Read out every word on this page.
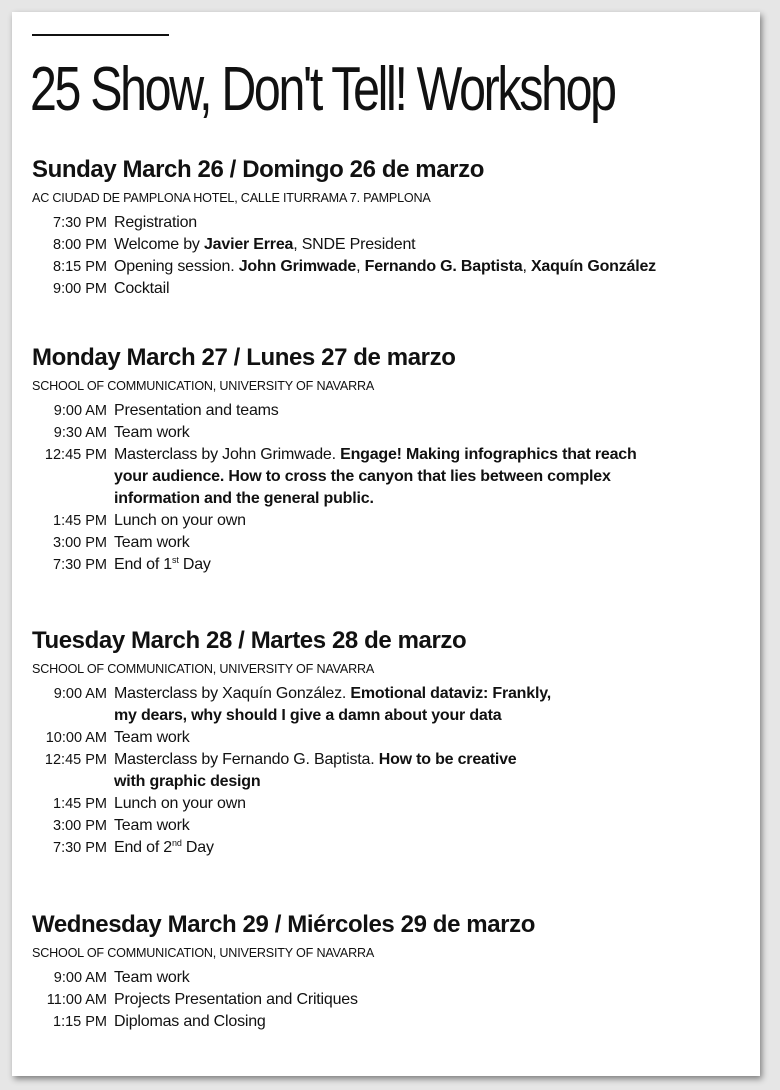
25 Show, Don't Tell! Workshop
Sunday March 26 / Domingo 26 de marzo
AC CIUDAD DE PAMPLONA HOTEL, CALLE ITURRAMA 7. PAMPLONA
7:30 PM Registration
8:00 PM Welcome by Javier Errea, SNDE President
8:15 PM Opening session. John Grimwade, Fernando G. Baptista, Xaquín González
9:00 PM Cocktail
Monday March 27 / Lunes 27 de marzo
SCHOOL OF COMMUNICATION, UNIVERSITY OF NAVARRA
9:00 AM Presentation and teams
9:30 AM Team work
12:45 PM Masterclass by John Grimwade. Engage! Making infographics that reach
your audience. How to cross the canyon that lies between complex
information and the general public.
1:45 PM Lunch on your own
3:00 PM Team work
7:30 PM End of 1st Day
Tuesday March 28 / Martes 28 de marzo
SCHOOL OF COMMUNICATION, UNIVERSITY OF NAVARRA
9:00 AM Masterclass by Xaquín González. Emotional dataviz: Frankly,
my dears, why should I give a damn about your data
10:00 AM Team work
12:45 PM Masterclass by Fernando G. Baptista. How to be creative
with graphic design
1:45 PM Lunch on your own
3:00 PM Team work
7:30 PM End of 2nd Day
Wednesday March 29 / Miércoles 29 de marzo
SCHOOL OF COMMUNICATION, UNIVERSITY OF NAVARRA
9:00 AM Team work
11:00 AM Projects Presentation and Critiques
1:15 PM Diplomas and Closing
